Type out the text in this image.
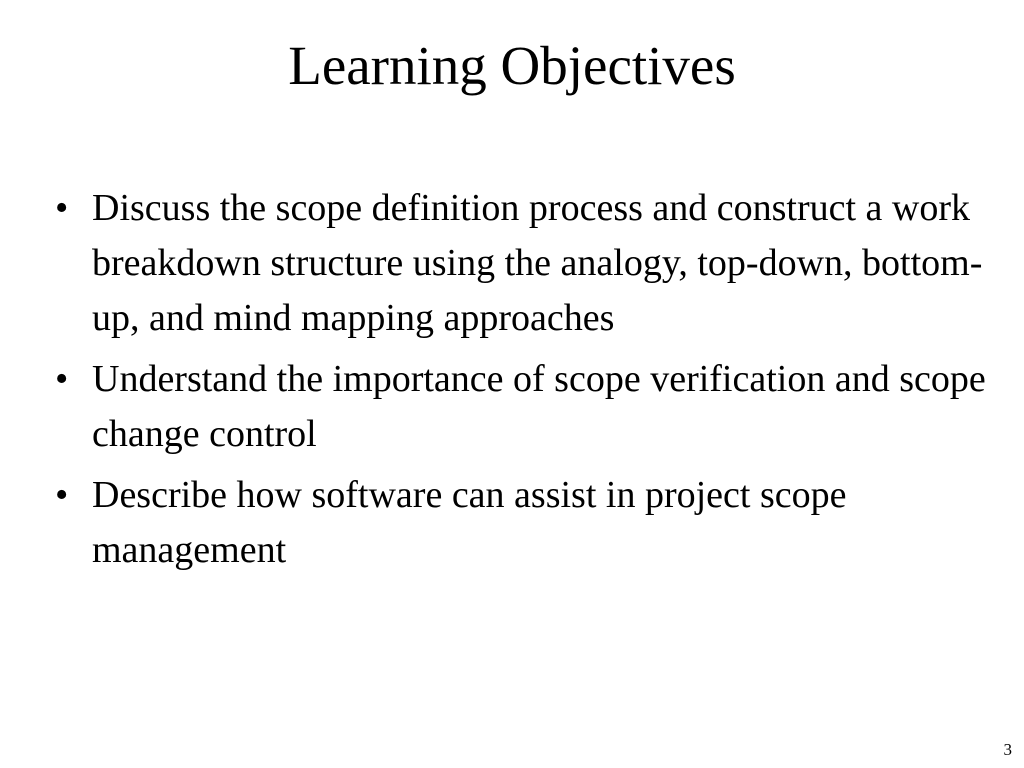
Learning Objectives
• Discuss the scope definition process and construct a work breakdown structure using the analogy, top-down, bottom-up, and mind mapping approaches
• Understand the importance of scope verification and scope change control
• Describe how software can assist in project scope management
3
